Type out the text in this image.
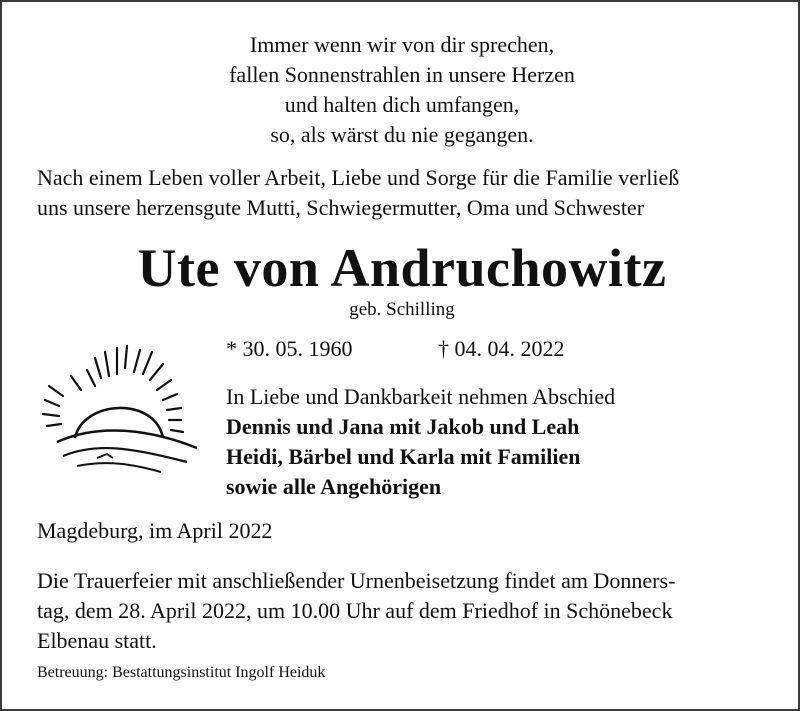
Immer wenn wir von dir sprechen,
fallen Sonnenstrahlen in unsere Herzen
und halten dich umfangen,
so, als wärst du nie gegangen.
Nach einem Leben voller Arbeit, Liebe und Sorge für die Familie verließ
uns unsere herzensgute Mutti, Schwiegermutter, Oma und Schwester
Ute von Andruchowitz
geb. Schilling
* 30. 05. 1960	† 04. 04. 2022
In Liebe und Dankbarkeit nehmen Abschied
Dennis und Jana mit Jakob und Leah
Heidi, Bärbel und Karla mit Familien
sowie alle Angehörigen
Magdeburg, im April 2022
Die Trauerfeier mit anschließender Urnenbeisetzung findet am Donners-
tag, dem 28. April 2022, um 10.00 Uhr auf dem Friedhof in Schönebeck
Elbenau statt.
Betreuung: Bestattungsinstitut Ingolf Heiduk
